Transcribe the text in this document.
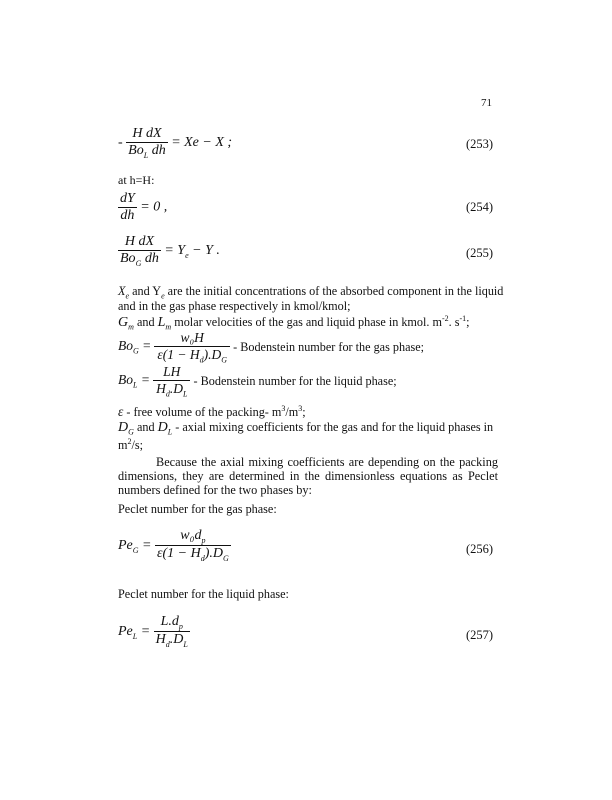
71
- $\frac{\text{H dX}}{Bo_L dh} = Xe - X$ ;	(253)
at h=H:
$\frac{dY}{dh} = 0$ ,	(254)
$\frac{\text{H dX}}{Bo_G dh} = Y_e - Y$ .	(255)
$X_e$ and $Y_e$ are the initial concentrations of the absorbed component in the liquid
and in the gas phase respectively in kmol/kmol;
$G_m$ and $L_m$ molar velocities of the gas and liquid phase in kmol. $m^{-2}$. $s^{-1}$;
$Bo_G = \frac{\text{w₀H}}{\varepsilon(1 - H_d).D_G}$ - Bodenstein number for the gas phase;
$Bo_L = \frac{LH}{H_d.D_L}$ - Bodenstein number for the liquid phase;
ε - free volume of the packing- $m^3/m^3$;
$D_G$ and $D_L$ - axial mixing coefficients for the gas and for the liquid phases in
$m^2/s$;
Because the axial mixing coefficients are depending on the packing dimensions, they are determined in the dimensionless equations as Peclet numbers defined for the two phases by:
Peclet number for the gas phase:
$Pe_G = \frac{w_0d_p}{\varepsilon(1 - H_d).D_G}$	(256)
Peclet number for the liquid phase:
$Pe_L = \frac{L.d_p}{H_d.D_L}$	(257)
